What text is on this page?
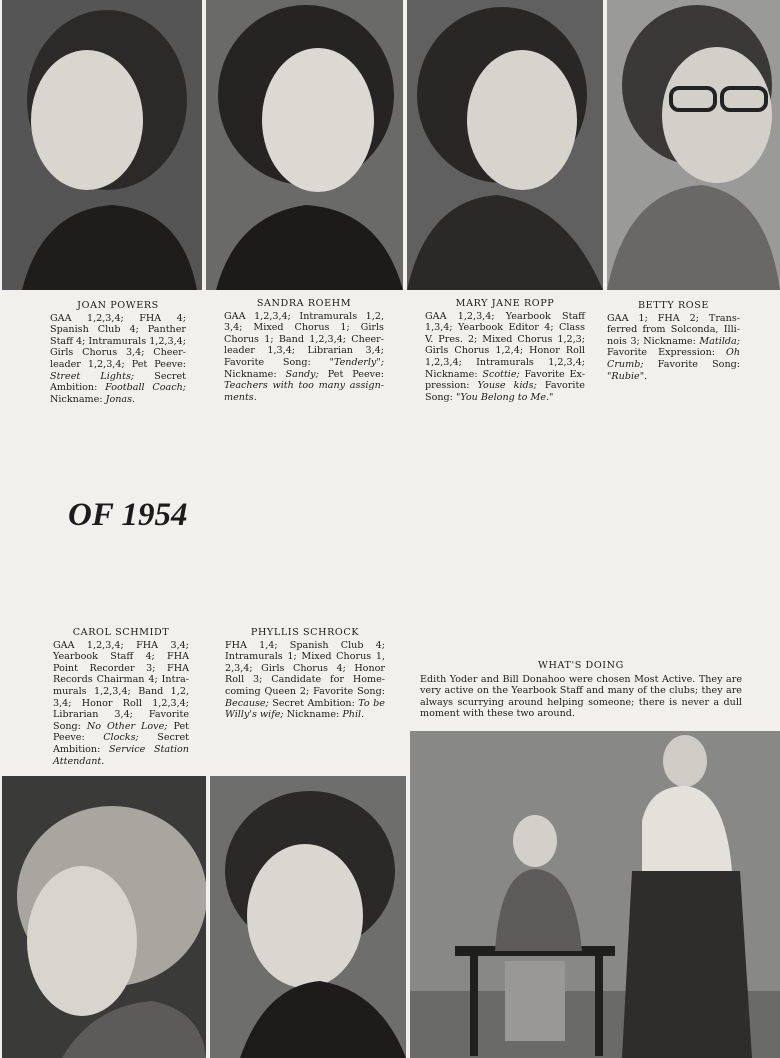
JOAN POWERS
GAA 1,2,3,4; FHA 4; Spanish Club 4; Panther Staff 4; Intramurals 1,2,3,4; Girls Chorus 3,4; Cheer-leader 1,2,3,4; Pet Peeve: Street Lights; Secret Ambition: Football Coach; Nickname: Jonas.
SANDRA ROEHM
GAA 1,2,3,4; Intramurals 1,2, 3,4; Mixed Chorus 1; Girls Chorus 1; Band 1,2,3,4; Cheer-leader 1,3,4; Librarian 3,4; Favorite Song: "Tenderly"; Nickname: Sandy; Pet Peeve: Teachers with too many assign-ments.
MARY JANE ROPP
GAA 1,2,3,4; Yearbook Staff 1,3,4; Yearbook Editor 4; Class V. Pres. 2; Mixed Chorus 1,2,3; Girls Chorus 1,2,4; Honor Roll 1,2,3,4; Intramurals 1,2,3,4; Nickname: Scottie; Favorite Ex-pression: Youse kids; Favorite Song: "You Belong to Me."
BETTY ROSE
GAA 1; FHA 2; Trans-ferred from Solconda, Illi-nois 3; Nickname: Matilda; Favorite Expression: Oh Crumb; Favorite Song: "Rubie".
OF 1954
CAROL SCHMIDT
GAA 1,2,3,4; FHA 3,4; Yearbook Staff 4; FHA Point Recorder 3; FHA Records Chairman 4; Intra-murals 1,2,3,4; Band 1,2, 3,4; Honor Roll 1,2,3,4; Librarian 3,4; Favorite Song: No Other Love; Pet Peeve: Clocks; Secret Ambition: Service Station Attendant.
PHYLLIS SCHROCK
FHA 1,4; Spanish Club 4; Intramurals 1; Mixed Chorus 1, 2,3,4; Girls Chorus 4; Honor Roll 3; Candidate for Home-coming Queen 2; Favorite Song: Because; Secret Ambition: To be Willy's wife; Nickname: Phil.
WHAT'S DOING
Edith Yoder and Bill Donahoo were chosen Most Active. They are very active on the Yearbook Staff and many of the clubs; they are always scurrying around helping someone; there is never a dull moment with these two around.
